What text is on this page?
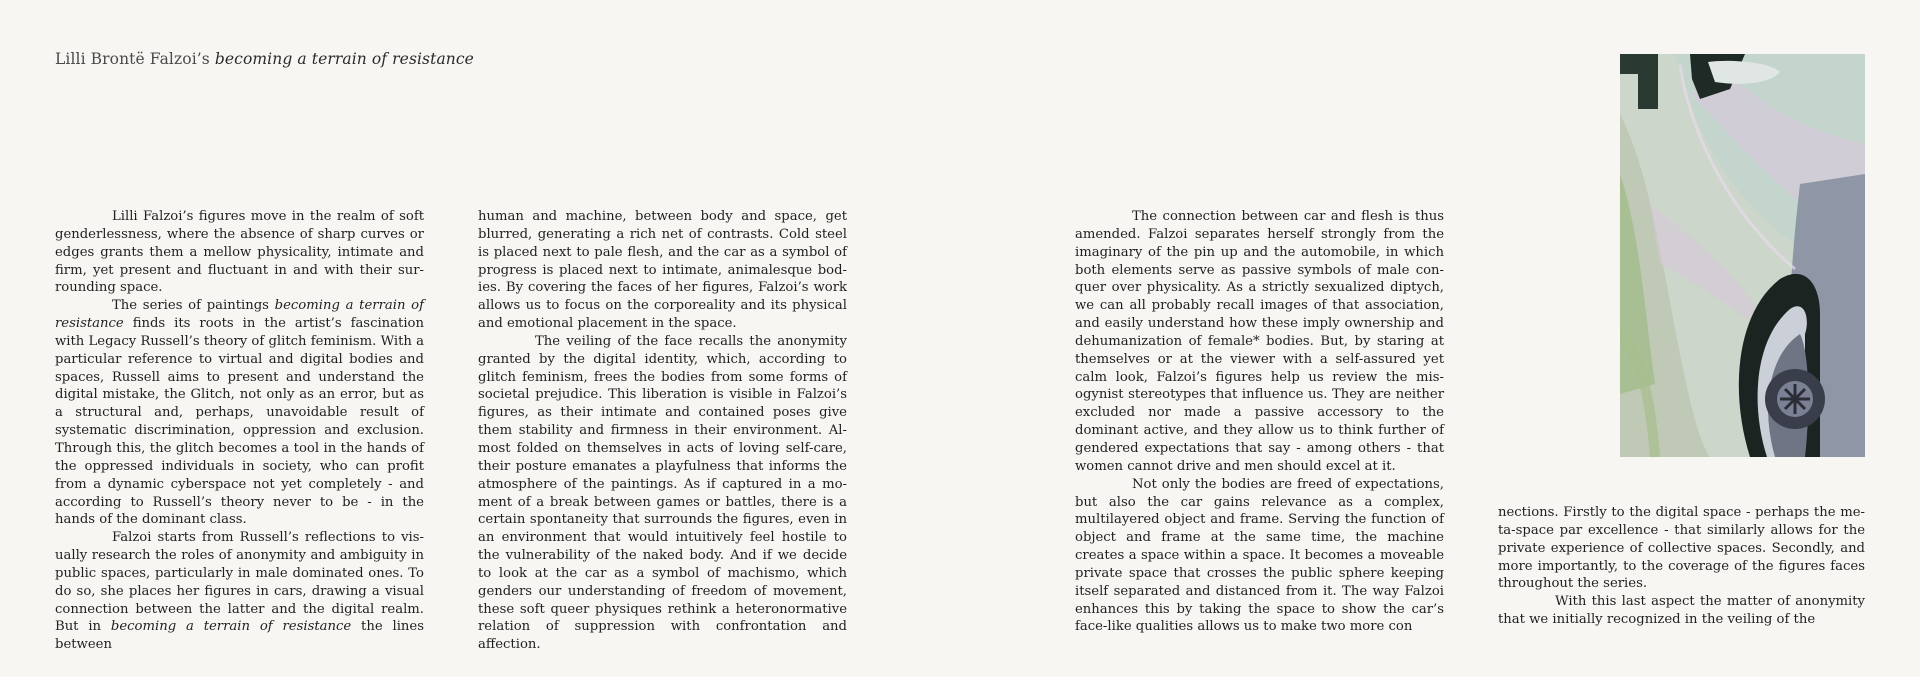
Lilli Brontë Falzoi’s becoming a terrain of resistance

Lilli Falzoi’s figures move in the realm of soft genderlessness, where the absence of sharp curves or edges grants them a mellow physicality, intimate and firm, yet present and fluctuant in and with their surrounding space.

The series of paintings becoming a terrain of resistance finds its roots in the artist’s fascination with Legacy Russell’s theory of glitch feminism. With a particular reference to virtual and digital bodies and spaces, Russell aims to present and understand the digital mistake, the Glitch, not only as an error, but as a structural and, perhaps, unavoidable result of systematic discrimination, oppression and exclusion. Through this, the glitch becomes a tool in the hands of the oppressed individuals in society, who can profit from a dynamic cyberspace not yet completely - and according to Russell’s theory never to be - in the hands of the dominant class.

Falzoi starts from Russell’s reflections to visually research the roles of anonymity and ambiguity in public spaces, particularly in male dominated ones. To do so, she places her figures in cars, drawing a visual connection between the latter and the digital realm. But in becoming a terrain of resistance the lines between

human and machine, between body and space, get blurred, generating a rich net of contrasts. Cold steel is placed next to pale flesh, and the car as a symbol of progress is placed next to intimate, animalesque bodies. By covering the faces of her figures, Falzoi’s work allows us to focus on the corporeality and its physical and emotional placement in the space.

The veiling of the face recalls the anonymity granted by the digital identity, which, according to glitch feminism, frees the bodies from some forms of societal prejudice. This liberation is visible in Falzoi’s figures, as their intimate and contained poses give them stability and firmness in their environment. Almost folded on themselves in acts of loving self-care, their posture emanates a playfulness that informs the atmosphere of the paintings. As if captured in a moment of a break between games or battles, there is a certain spontaneity that surrounds the figures, even in an environment that would intuitively feel hostile to the vulnerability of the naked body. And if we decide to look at the car as a symbol of machismo, which genders our understanding of freedom of movement, these soft queer physiques rethink a heteronormative relation of suppression with confrontation and affection.

The connection between car and flesh is thus amended. Falzoi separates herself strongly from the imaginary of the pin up and the automobile, in which both elements serve as passive symbols of male conquer over physicality. As a strictly sexualized diptych, we can all probably recall images of that association, and easily understand how these imply ownership and dehumanization of female* bodies. But, by staring at themselves or at the viewer with a self-assured yet calm look, Falzoi’s figures help us review the misogynist stereotypes that influence us. They are neither excluded nor made a passive accessory to the dominant active, and they allow us to think further of gendered expectations that say - among others - that women cannot drive and men should excel at it.

Not only the bodies are freed of expectations, but also the car gains relevance as a complex, multilayered object and frame. Serving the function of object and frame at the same time, the machine creates a space within a space. It becomes a moveable private space that crosses the public sphere keeping itself separated and distanced from it. The way Falzoi enhances this by taking the space to show the car’s face-like qualities allows us to make two more con

nections. Firstly to the digital space - perhaps the meta-space par excellence - that similarly allows for the private experience of collective spaces. Secondly, and more importantly, to the coverage of the figures faces throughout the series.

With this last aspect the matter of anonymity that we initially recognized in the veiling of the
